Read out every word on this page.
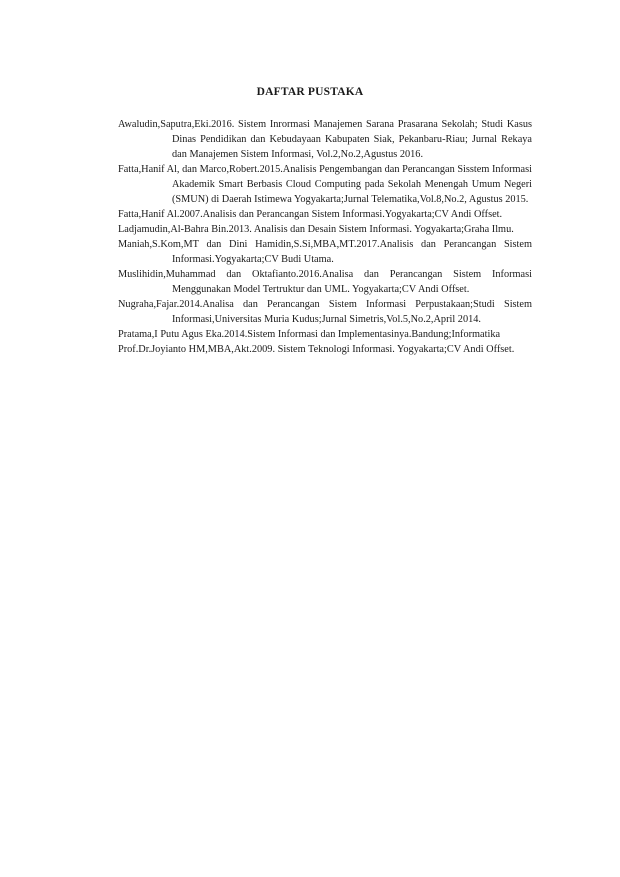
DAFTAR PUSTAKA
Awaludin,Saputra,Eki.2016. Sistem Inrormasi Manajemen Sarana Prasarana Sekolah; Studi Kasus Dinas Pendidikan dan Kebudayaan Kabupaten Siak, Pekanbaru-Riau; Jurnal Rekaya dan Manajemen Sistem Informasi, Vol.2,No.2,Agustus 2016.
Fatta,Hanif Al, dan Marco,Robert.2015.Analisis Pengembangan dan Perancangan Sisstem Informasi Akademik Smart Berbasis Cloud Computing pada Sekolah Menengah Umum Negeri (SMUN) di Daerah Istimewa Yogyakarta;Jurnal Telematika,Vol.8,No.2, Agustus 2015.
Fatta,Hanif Al.2007.Analisis dan Perancangan Sistem Informasi.Yogyakarta;CV Andi Offset.
Ladjamudin,Al-Bahra Bin.2013. Analisis dan Desain Sistem Informasi. Yogyakarta;Graha Ilmu.
Maniah,S.Kom,MT dan Dini Hamidin,S.Si,MBA,MT.2017.Analisis dan Perancangan Sistem Informasi.Yogyakarta;CV Budi Utama.
Muslihidin,Muhammad dan Oktafianto.2016.Analisa dan Perancangan Sistem Informasi Menggunakan Model Tertruktur dan UML. Yogyakarta;CV Andi Offset.
Nugraha,Fajar.2014.Analisa dan Perancangan Sistem Informasi Perpustakaan;Studi Sistem Informasi,Universitas Muria Kudus;Jurnal Simetris,Vol.5,No.2,April 2014.
Pratama,I Putu Agus Eka.2014.Sistem Informasi dan Implementasinya.Bandung;Informatika
Prof.Dr.Joyianto HM,MBA,Akt.2009. Sistem Teknologi Informasi. Yogyakarta;CV Andi Offset.
